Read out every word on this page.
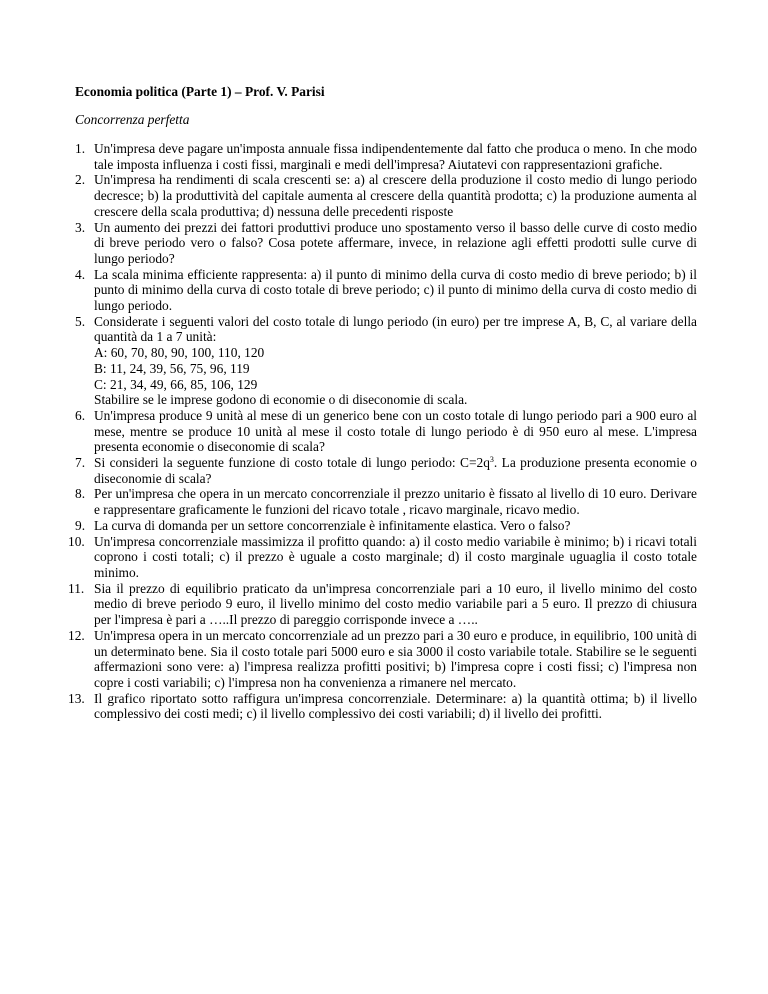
Economia politica (Parte 1) – Prof. V. Parisi

Concorrenza perfetta

1. Un'impresa deve pagare un'imposta annuale fissa indipendentemente dal fatto che produca o meno. In che modo tale imposta influenza i costi fissi, marginali e medi dell'impresa? Aiutatevi con rappresentazioni grafiche.
2. Un'impresa ha rendimenti di scala crescenti se: a) al crescere della produzione il costo medio di lungo periodo decresce; b) la produttività del capitale aumenta al crescere della quantità prodotta; c) la produzione aumenta al crescere della scala produttiva; d) nessuna delle precedenti risposte
3. Un aumento dei prezzi dei fattori produttivi produce uno spostamento verso il basso delle curve di costo medio di breve periodo vero o falso? Cosa potete affermare, invece, in relazione agli effetti prodotti sulle curve di lungo periodo?
4. La scala minima efficiente rappresenta: a) il punto di minimo della curva di costo medio di breve periodo; b) il punto di minimo della curva di costo totale di breve periodo; c) il punto di minimo della curva di costo medio di lungo periodo.
5. Considerate i seguenti valori del costo totale di lungo periodo (in euro) per tre imprese A, B, C, al variare della quantità da 1 a 7 unità:
A: 60, 70, 80, 90, 100, 110, 120
B: 11, 24, 39, 56, 75, 96, 119
C: 21, 34, 49, 66, 85, 106, 129
Stabilire se le imprese godono di economie o di diseconomie di scala.
6. Un'impresa produce 9 unità al mese di un generico bene con un costo totale di lungo periodo pari a 900 euro al mese, mentre se produce 10 unità al mese il costo totale di lungo periodo è di 950 euro al mese. L'impresa presenta economie o diseconomie di scala?
7. Si consideri la seguente funzione di costo totale di lungo periodo: $C=2q^3$. La produzione presenta economie o diseconomie di scala?
8. Per un'impresa che opera in un mercato concorrenziale il prezzo unitario è fissato al livello di 10 euro. Derivare e rappresentare graficamente le funzioni del ricavo totale , ricavo marginale, ricavo medio.
9. La curva di domanda per un settore concorrenziale è infinitamente elastica. Vero o falso?
10. Un'impresa concorrenziale massimizza il profitto quando: a) il costo medio variabile è minimo; b) i ricavi totali coprono i costi totali; c) il prezzo è uguale a costo marginale; d) il costo marginale uguaglia il costo totale minimo.
11. Sia il prezzo di equilibrio praticato da un'impresa concorrenziale pari a 10 euro, il livello minimo del costo medio di breve periodo 9 euro, il livello minimo del costo medio variabile pari a 5 euro. Il prezzo di chiusura per l'impresa è pari a …..Il prezzo di pareggio corrisponde invece a …..
12. Un'impresa opera in un mercato concorrenziale ad un prezzo pari a 30 euro e produce, in equilibrio, 100 unità di un determinato bene. Sia il costo totale pari 5000 euro e sia 3000 il costo variabile totale. Stabilire se le seguenti affermazioni sono vere: a) l'impresa realizza profitti positivi; b) l'impresa copre i costi fissi; c) l'impresa non copre i costi variabili; c) l'impresa non ha convenienza a rimanere nel mercato.
13. Il grafico riportato sotto raffigura un'impresa concorrenziale. Determinare: a) la quantità ottima; b) il livello complessivo dei costi medi; c) il livello complessivo dei costi variabili; d) il livello dei profitti.
